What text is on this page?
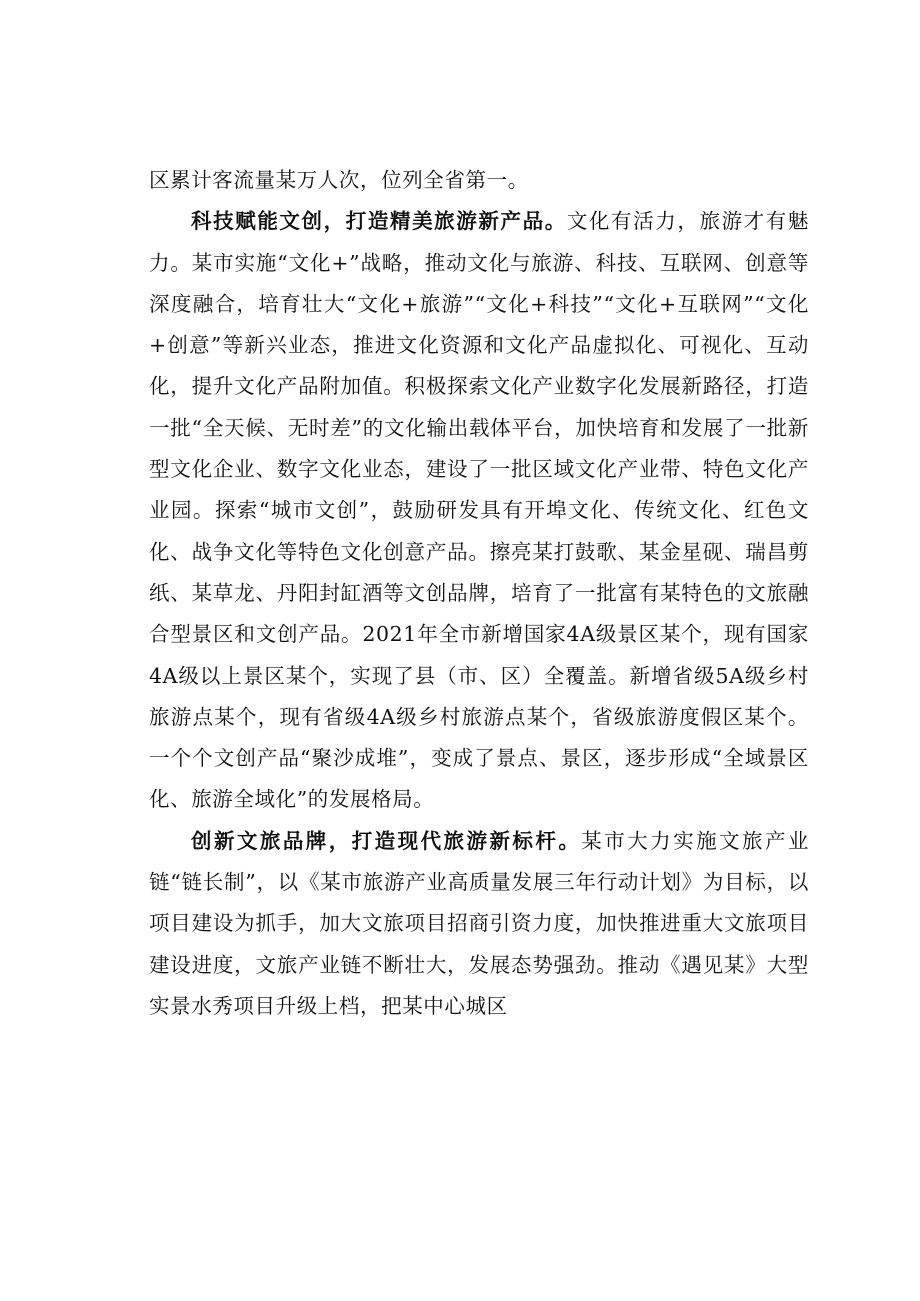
区累计客流量某万人次，位列全省第一。

科技赋能文创，打造精美旅游新产品。文化有活力，旅游才有魅力。某市实施“文化+”战略，推动文化与旅游、科技、互联网、创意等深度融合，培育壮大“文化+旅游”“文化+科技”“文化+互联网”“文化+创意”等新兴业态，推进文化资源和文化产品虚拟化、可视化、互动化，提升文化产品附加值。积极探索文化产业数字化发展新路径，打造一批“全天候、无时差”的文化输出载体平台，加快培育和发展了一批新型文化企业、数字文化业态，建设了一批区域文化产业带、特色文化产业园。探索“城市文创”，鼓励研发具有开埠文化、传统文化、红色文化、战争文化等特色文化创意产品。擦亮某打鼓歌、某金星砚、瑞昌剪纸、某草龙、丹阳封缸酒等文创品牌，培育了一批富有某特色的文旅融合型景区和文创产品。2021年全市新增国家4A级景区某个，现有国家4A级以上景区某个，实现了县（市、区）全覆盖。新增省级5A级乡村旅游点某个，现有省级4A级乡村旅游点某个，省级旅游度假区某个。一个个文创产品“聚沙成堆”，变成了景点、景区，逐步形成“全域景区化、旅游全域化”的发展格局。

创新文旅品牌，打造现代旅游新标杆。某市大力实施文旅产业链“链长制”，以《某市旅游产业高质量发展三年行动计划》为目标，以项目建设为抓手，加大文旅项目招商引资力度，加快推进重大文旅项目建设进度，文旅产业链不断壮大，发展态势强劲。推动《遇见某》大型实景水秀项目升级上档，把某中心城区
